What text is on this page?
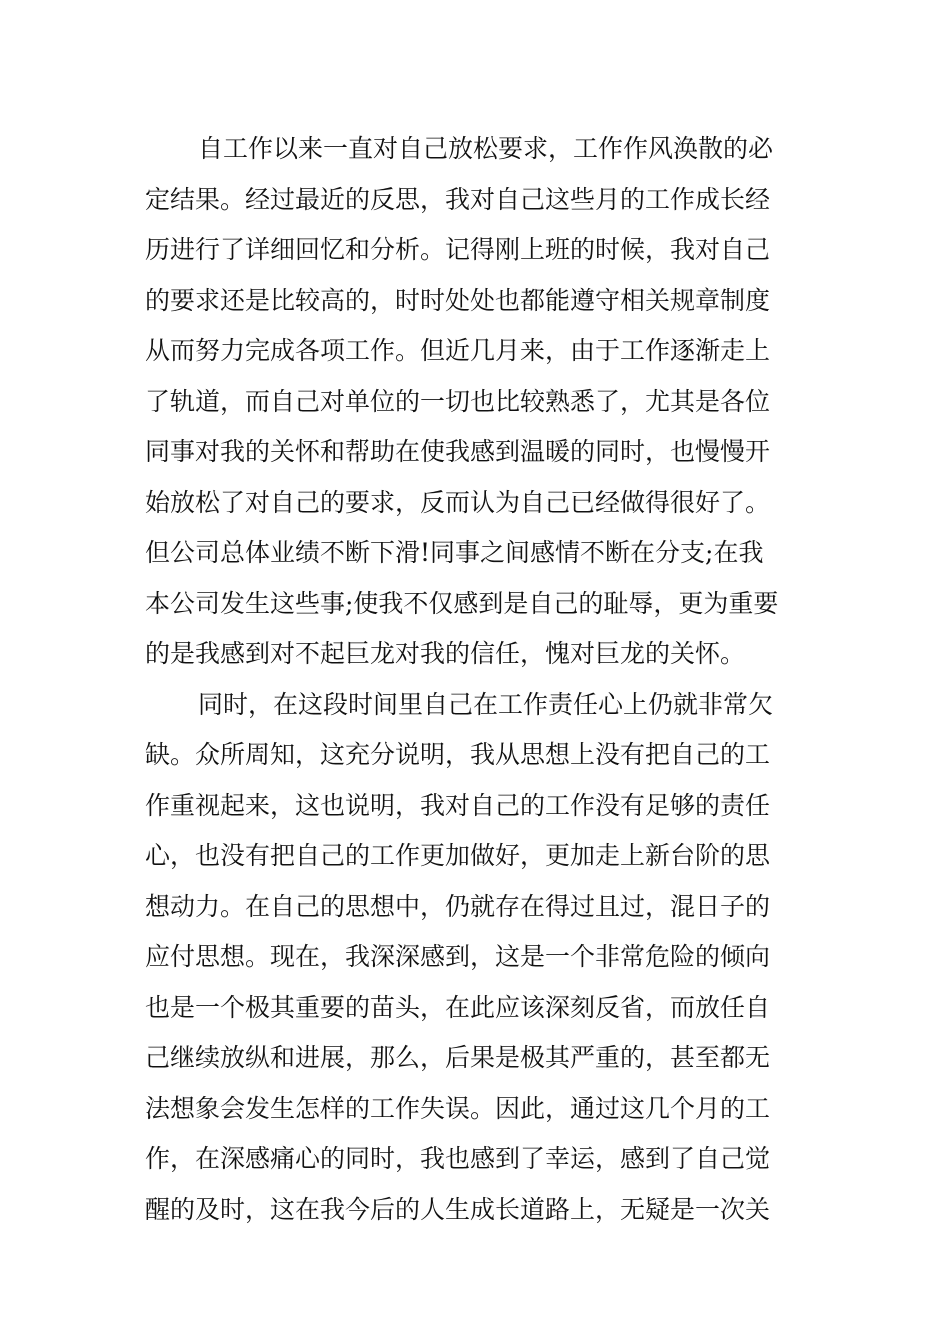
自工作以来一直对自己放松要求，工作作风涣散的必
定结果。经过最近的反思，我对自己这些月的工作成长经
历进行了详细回忆和分析。记得刚上班的时候，我对自己
的要求还是比较高的，时时处处也都能遵守相关规章制度
从而努力完成各项工作。但近几月来，由于工作逐渐走上
了轨道，而自己对单位的一切也比较熟悉了，尤其是各位
同事对我的关怀和帮助在使我感到温暖的同时，也慢慢开
始放松了对自己的要求，反而认为自己已经做得很好了。
但公司总体业绩不断下滑!同事之间感情不断在分支;在我
本公司发生这些事;使我不仅感到是自己的耻辱，更为重要
的是我感到对不起巨龙对我的信任，愧对巨龙的关怀。
同时，在这段时间里自己在工作责任心上仍就非常欠
缺。众所周知，这充分说明，我从思想上没有把自己的工
作重视起来，这也说明，我对自己的工作没有足够的责任
心，也没有把自己的工作更加做好，更加走上新台阶的思
想动力。在自己的思想中，仍就存在得过且过，混日子的
应付思想。现在，我深深感到，这是一个非常危险的倾向
也是一个极其重要的苗头，在此应该深刻反省，而放任自
己继续放纵和进展，那么，后果是极其严重的，甚至都无
法想象会发生怎样的工作失误。因此，通过这几个月的工
作，在深感痛心的同时，我也感到了幸运，感到了自己觉
醒的及时，这在我今后的人生成长道路上，无疑是一次关
